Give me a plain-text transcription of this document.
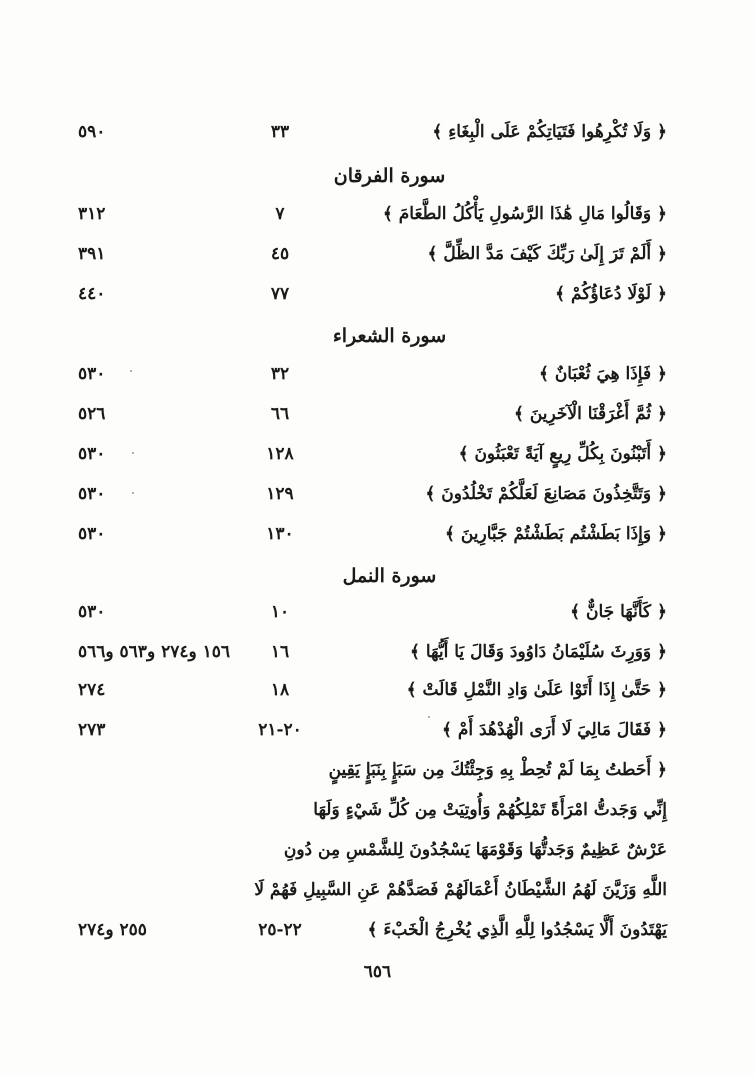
﴿ وَلَا تُكْرِهُوا فَتَيَاتِكُمْ عَلَى الْبِغَاءِ ﴾
٣٣
٥٩٠
سورة الفرقان
﴿ وَقَالُوا مَالِ هَٰذَا الرَّسُولِ يَأْكُلُ الطَّعَامَ ﴾
٧
٣١٢
﴿ أَلَمْ تَرَ إِلَىٰ رَبِّكَ كَيْفَ مَدَّ الظِّلَّ ﴾
٤٥
٣٩١
﴿ لَوْلَا دُعَاؤُكُمْ ﴾
٧٧
٤٤٠
سورة الشعراء
﴿ فَإِذَا هِيَ ثُعْبَانٌ ﴾
٣٢
٥٣٠
﴿ ثُمَّ أَغْرَقْنَا الْآخَرِينَ ﴾
٦٦
٥٢٦
﴿ أَتَبْنُونَ بِكُلِّ رِيعٍ آيَةً تَعْبَثُونَ ﴾
١٢٨
٥٣٠
﴿ وَتَتَّخِذُونَ مَصَانِعَ لَعَلَّكُمْ تَخْلُدُونَ ﴾
١٢٩
٥٣٠
﴿ وَإِذَا بَطَشْتُم بَطَشْتُمْ جَبَّارِينَ ﴾
١٣٠
٥٣٠
سورة النمل
﴿ كَأَنَّهَا جَانٌّ ﴾
١٠
٥٣٠
﴿ وَوَرِثَ سُلَيْمَانُ دَاوُودَ وَقَالَ يَا أَيُّهَا ﴾
١٦
١٥٦ و٢٧٤ و٥٦٣ و٥٦٦
﴿ حَتَّىٰ إِذَا أَتَوْا عَلَىٰ وَادِ النَّمْلِ قَالَتْ ﴾
١٨
٢٧٤
﴿ فَقَالَ مَالِيَ لَا أَرَى الْهُدْهُدَ أَمْ ﴾
٢٠-٢١
٢٧٣
﴿ أَحَطتُ بِمَا لَمْ تُحِطْ بِهِ وَجِئْتُكَ مِن سَبَإٍ بِنَبَإٍ يَقِينٍ
إِنِّي وَجَدتُّ امْرَأَةً تَمْلِكُهُمْ وَأُوتِيَتْ مِن كُلِّ شَيْءٍ وَلَهَا
عَرْشٌ عَظِيمٌ وَجَدتُّهَا وَقَوْمَهَا يَسْجُدُونَ لِلشَّمْسِ مِن دُونِ
اللَّهِ وَزَيَّنَ لَهُمُ الشَّيْطَانُ أَعْمَالَهُمْ فَصَدَّهُمْ عَنِ السَّبِيلِ فَهُمْ لَا
يَهْتَدُونَ أَلَّا يَسْجُدُوا لِلَّهِ الَّذِي يُخْرِجُ الْخَبْءَ ﴾
٢٢-٢٥
٢٥٥ و٢٧٤
٦٥٦
